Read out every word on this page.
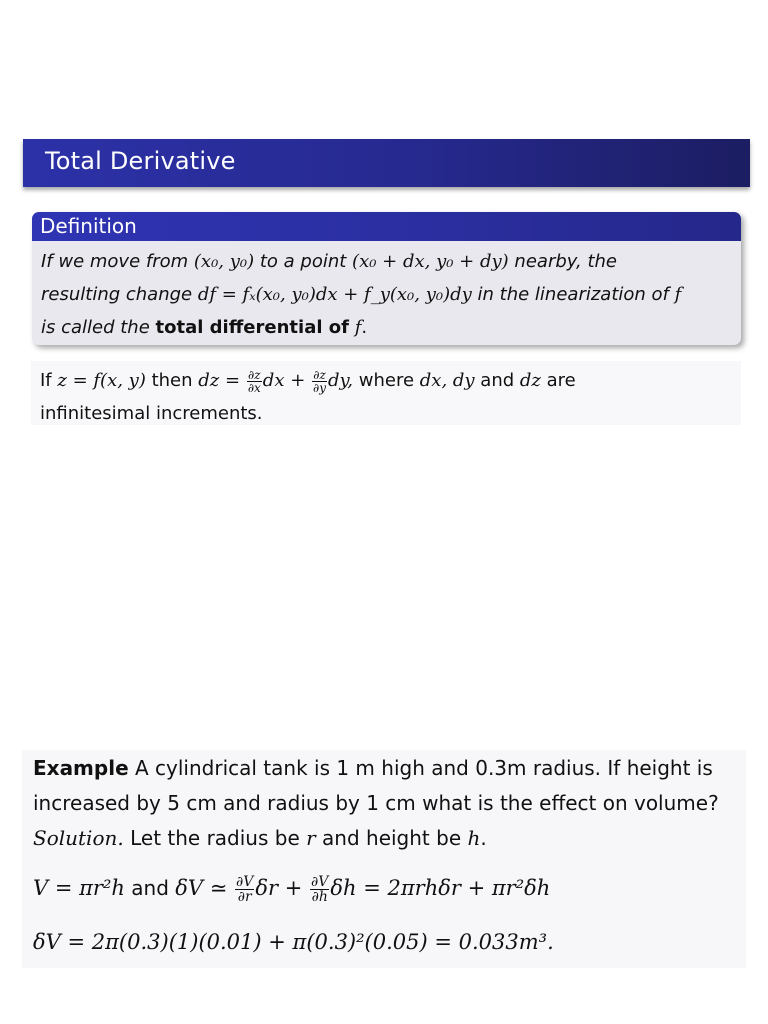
Total Derivative
Definition
If we move from (x₀, y₀) to a point (x₀ + dx, y₀ + dy) nearby, the
resulting change df = fₓ(x₀, y₀)dx + f_y(x₀, y₀)dy in the linearization of f
is called the total differential of f.
If z = f(x, y) then dz = $\frac{\partial z}{\partial x}$ dx + $\frac{\partial z}{\partial y}$ dy, where dx, dy and dz are
infinitesimal increments.
Example A cylindrical tank is 1 m high and 0.3m radius. If height is
increased by 5 cm and radius by 1 cm what is the effect on volume?
Solution. Let the radius be r and height be h.
V = πr²h and δV ≃ $\frac{\partial V}{\partial r}$ $\delta r + \frac{\partial V}{\partial h}$ δh = 2πrhδr + πr²δh
δV = 2π(0.3)(1)(0.01) + π(0.3)²(0.05) = 0.033m³.
